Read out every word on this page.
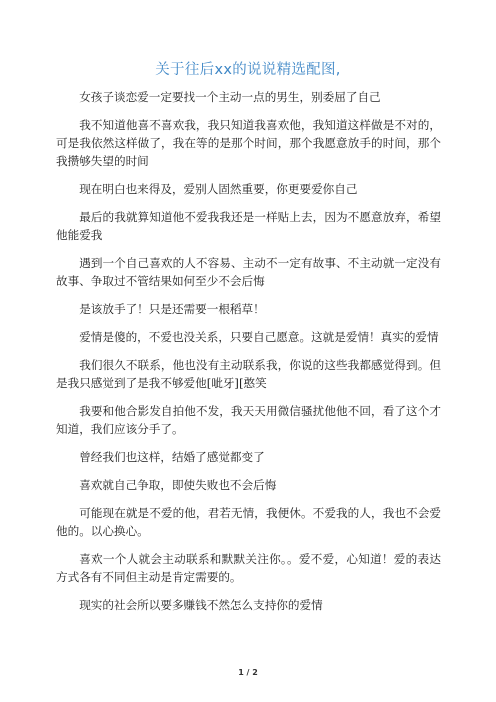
关于往后xx的说说精选配图,

女孩子谈恋爱一定要找一个主动一点的男生，别委屈了自己

我不知道他喜不喜欢我，我只知道我喜欢他，我知道这样做是不对的，可是我依然这样做了，我在等的是那个时间，那个我愿意放手的时间，那个我攒够失望的时间

现在明白也来得及，爱别人固然重要，你更要爱你自己

最后的我就算知道他不爱我我还是一样贴上去，因为不愿意放弃，希望他能爱我

遇到一个自己喜欢的人不容易、主动不一定有故事、不主动就一定没有故事、争取过不管结果如何至少不会后悔

是该放手了！只是还需要一根稻草！

爱情是傻的，不爱也没关系，只要自己愿意。这就是爱情！真实的爱情

我们很久不联系，他也没有主动联系我，你说的这些我都感觉得到。但是我只感觉到了是我不够爱他[呲牙][憨笑

我要和他合影发自拍他不发，我天天用微信骚扰他他不回，看了这个才知道，我们应该分手了。

曾经我们也这样，结婚了感觉都变了

喜欢就自己争取，即使失败也不会后悔

可能现在就是不爱的他，君若无情，我便休。不爱我的人，我也不会爱他的。以心换心。

喜欢一个人就会主动联系和默默关注你。。爱不爱，心知道！爱的表达方式各有不同但主动是肯定需要的。

现实的社会所以要多赚钱不然怎么支持你的爱情

1 / 2
